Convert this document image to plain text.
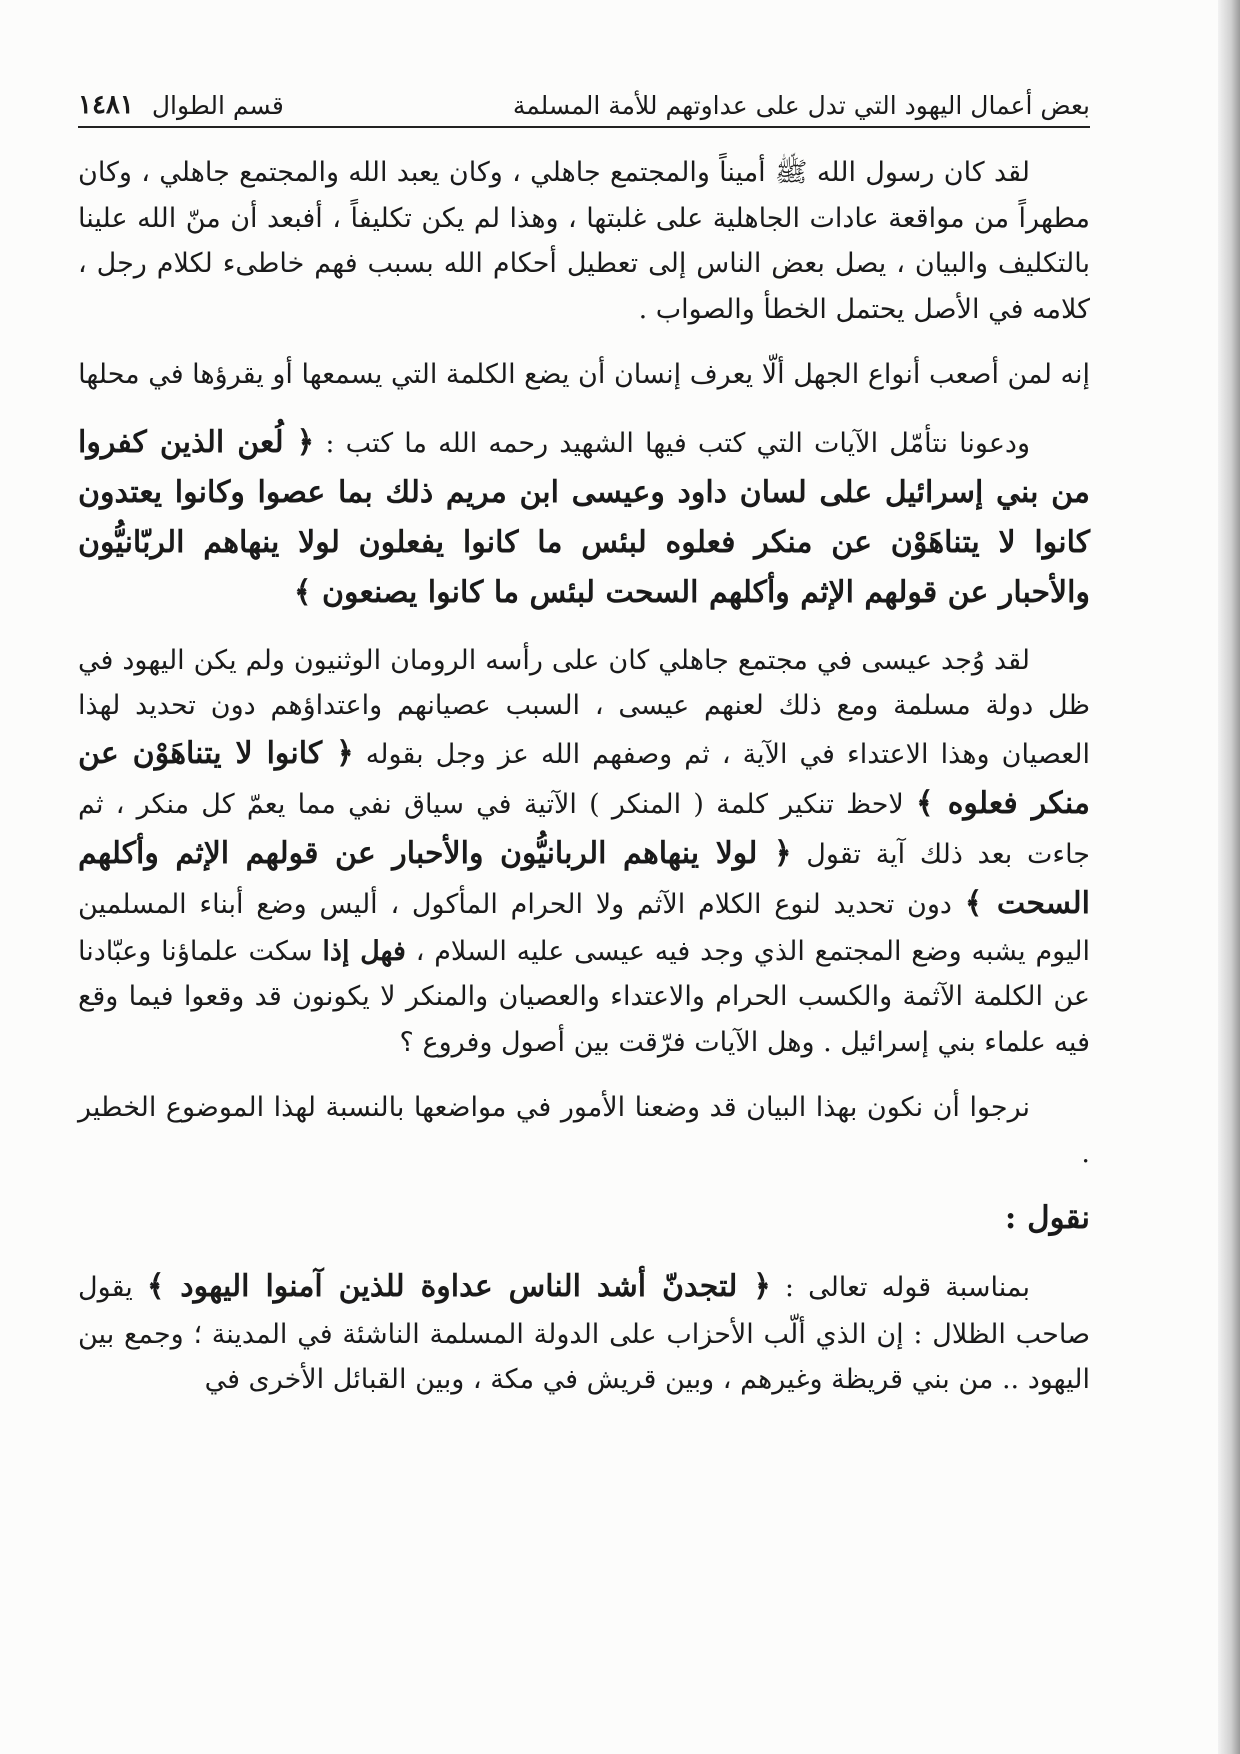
بعض أعمال اليهود التي تدل على عداوتهم للأمة المسلمة
قسم الطوال
١٤٨١

لقد كان رسول الله ﷺ أميناً والمجتمع جاهلي ، وكان يعبد الله والمجتمع جاهلي ، وكان مطهراً من مواقعة عادات الجاهلية على غلبتها ، وهذا لم يكن تكليفاً ، أفبعد أن منّ الله علينا بالتكليف والبيان ، يصل بعض الناس إلى تعطيل أحكام الله بسبب فهم خاطىء لكلام رجل ، كلامه في الأصل يحتمل الخطأ والصواب .

إنه لمن أصعب أنواع الجهل ألّا يعرف إنسان أن يضع الكلمة التي يسمعها أو يقرؤها في محلها

ودعونا نتأمّل الآيات التي كتب فيها الشهيد رحمه الله ما كتب : ﴿ لُعن الذين كفروا من بني إسرائيل على لسان داود وعيسى ابن مريم ذلك بما عصوا وكانوا يعتدون كانوا لا يتناهَوْن عن منكر فعلوه لبئس ما كانوا يفعلون لولا ينهاهم الربّانيُّون والأحبار عن قولهم الإثم وأكلهم السحت لبئس ما كانوا يصنعون ﴾

لقد وُجد عيسى في مجتمع جاهلي كان على رأسه الرومان الوثنيون ولم يكن اليهود في ظل دولة مسلمة ومع ذلك لعنهم عيسى ، السبب عصيانهم واعتداؤهم دون تحديد لهذا العصيان وهذا الاعتداء في الآية ، ثم وصفهم الله عز وجل بقوله ﴿ كانوا لا يتناهَوْن عن منكر فعلوه ﴾ لاحظ تنكير كلمة ( المنكر ) الآتية في سياق نفي مما يعمّ كل منكر ، ثم جاءت بعد ذلك آية تقول ﴿ لولا ينهاهم الربانيُّون والأحبار عن قولهم الإثم وأكلهم السحت ﴾ دون تحديد لنوع الكلام الآثم ولا الحرام المأكول ، أليس وضع أبناء المسلمين اليوم يشبه وضع المجتمع الذي وجد فيه عيسى عليه السلام ، فهل إذا سكت علماؤنا وعبّادنا عن الكلمة الآثمة والكسب الحرام والاعتداء والعصيان والمنكر لا يكونون قد وقعوا فيما وقع فيه علماء بني إسرائيل . وهل الآيات فرّقت بين أصول وفروع ؟

نرجوا أن نكون بهذا البيان قد وضعنا الأمور في مواضعها بالنسبة لهذا الموضوع الخطير .

نقول :

بمناسبة قوله تعالى : ﴿ لتجدنّ أشد الناس عداوة للذين آمنوا اليهود ﴾ يقول صاحب الظلال : إن الذي ألّب الأحزاب على الدولة المسلمة الناشئة في المدينة ؛ وجمع بين اليهود .. من بني قريظة وغيرهم ، وبين قريش في مكة ، وبين القبائل الأخرى في
